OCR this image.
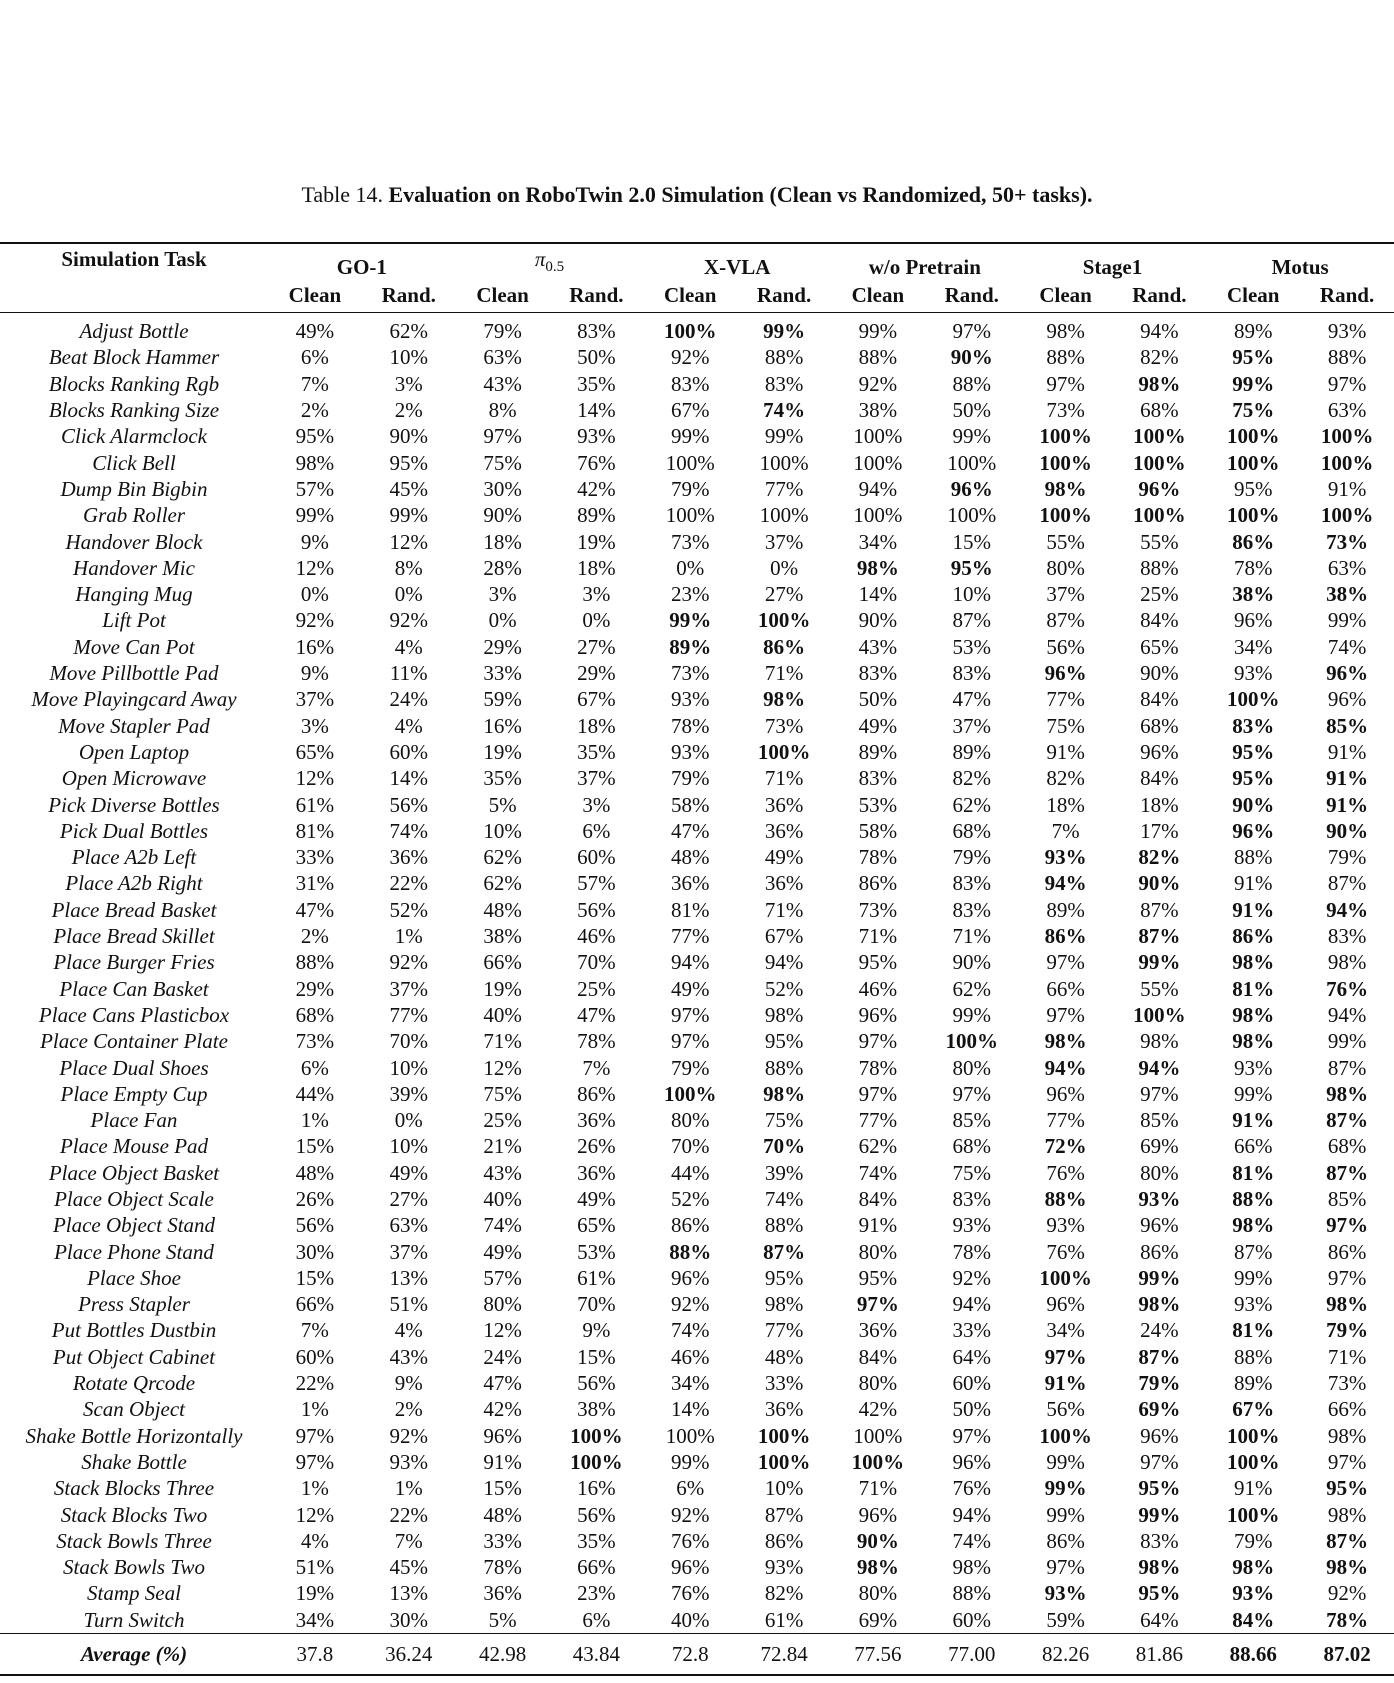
Table 14. Evaluation on RoboTwin 2.0 Simulation (Clean vs Randomized, 50+ tasks).
Simulation Task	GO-1		$\pi_{0.5}$		X-VLA		w/o Pretrain		Stage1		Motus	
	Clean	Rand.	Clean	Rand.	Clean	Rand.	Clean	Rand.	Clean	Rand.	Clean	Rand.
Adjust Bottle	49%	62%	79%	83%	100%	99%	99%	97%	98%	94%	89%	93%
Beat Block Hammer	6%	10%	63%	50%	92%	88%	88%	90%	88%	82%	95%	88%
Blocks Ranking Rgb	7%	3%	43%	35%	83%	83%	92%	88%	97%	98%	99%	97%
Blocks Ranking Size	2%	2%	8%	14%	67%	74%	38%	50%	73%	68%	75%	63%
Click Alarmclock	95%	90%	97%	93%	99%	99%	100%	99%	100%	100%	100%	100%
Click Bell	98%	95%	75%	76%	100%	100%	100%	100%	100%	100%	100%	100%
Dump Bin Bigbin	57%	45%	30%	42%	79%	77%	94%	96%	98%	96%	95%	91%
Grab Roller	99%	99%	90%	89%	100%	100%	100%	100%	100%	100%	100%	100%
Handover Block	9%	12%	18%	19%	73%	37%	34%	15%	55%	55%	86%	73%
Handover Mic	12%	8%	28%	18%	0%	0%	98%	95%	80%	88%	78%	63%
Hanging Mug	0%	0%	3%	3%	23%	27%	14%	10%	37%	25%	38%	38%
Lift Pot	92%	92%	0%	0%	99%	100%	90%	87%	87%	84%	96%	99%
Move Can Pot	16%	4%	29%	27%	89%	86%	43%	53%	56%	65%	34%	74%
Move Pillbottle Pad	9%	11%	33%	29%	73%	71%	83%	83%	96%	90%	93%	96%
Move Playingcard Away	37%	24%	59%	67%	93%	98%	50%	47%	77%	84%	100%	96%
Move Stapler Pad	3%	4%	16%	18%	78%	73%	49%	37%	75%	68%	83%	85%
Open Laptop	65%	60%	19%	35%	93%	100%	89%	89%	91%	96%	95%	91%
Open Microwave	12%	14%	35%	37%	79%	71%	83%	82%	82%	84%	95%	91%
Pick Diverse Bottles	61%	56%	5%	3%	58%	36%	53%	62%	18%	18%	90%	91%
Pick Dual Bottles	81%	74%	10%	6%	47%	36%	58%	68%	7%	17%	96%	90%
Place A2b Left	33%	36%	62%	60%	48%	49%	78%	79%	93%	82%	88%	79%
Place A2b Right	31%	22%	62%	57%	36%	36%	86%	83%	94%	90%	91%	87%
Place Bread Basket	47%	52%	48%	56%	81%	71%	73%	83%	89%	87%	91%	94%
Place Bread Skillet	2%	1%	38%	46%	77%	67%	71%	71%	86%	87%	86%	83%
Place Burger Fries	88%	92%	66%	70%	94%	94%	95%	90%	97%	99%	98%	98%
Place Can Basket	29%	37%	19%	25%	49%	52%	46%	62%	66%	55%	81%	76%
Place Cans Plasticbox	68%	77%	40%	47%	97%	98%	96%	99%	97%	100%	98%	94%
Place Container Plate	73%	70%	71%	78%	97%	95%	97%	100%	98%	98%	98%	99%
Place Dual Shoes	6%	10%	12%	7%	79%	88%	78%	80%	94%	94%	93%	87%
Place Empty Cup	44%	39%	75%	86%	100%	98%	97%	97%	96%	97%	99%	98%
Place Fan	1%	0%	25%	36%	80%	75%	77%	85%	77%	85%	91%	87%
Place Mouse Pad	15%	10%	21%	26%	70%	70%	62%	68%	72%	69%	66%	68%
Place Object Basket	48%	49%	43%	36%	44%	39%	74%	75%	76%	80%	81%	87%
Place Object Scale	26%	27%	40%	49%	52%	74%	84%	83%	88%	93%	88%	85%
Place Object Stand	56%	63%	74%	65%	86%	88%	91%	93%	93%	96%	98%	97%
Place Phone Stand	30%	37%	49%	53%	88%	87%	80%	78%	76%	86%	87%	86%
Place Shoe	15%	13%	57%	61%	96%	95%	95%	92%	100%	99%	99%	97%
Press Stapler	66%	51%	80%	70%	92%	98%	97%	94%	96%	98%	93%	98%
Put Bottles Dustbin	7%	4%	12%	9%	74%	77%	36%	33%	34%	24%	81%	79%
Put Object Cabinet	60%	43%	24%	15%	46%	48%	84%	64%	97%	87%	88%	71%
Rotate Qrcode	22%	9%	47%	56%	34%	33%	80%	60%	91%	79%	89%	73%
Scan Object	1%	2%	42%	38%	14%	36%	42%	50%	56%	69%	67%	66%
Shake Bottle Horizontally	97%	92%	96%	100%	100%	100%	100%	97%	100%	96%	100%	98%
Shake Bottle	97%	93%	91%	100%	99%	100%	100%	96%	99%	97%	100%	97%
Stack Blocks Three	1%	1%	15%	16%	6%	10%	71%	76%	99%	95%	91%	95%
Stack Blocks Two	12%	22%	48%	56%	92%	87%	96%	94%	99%	99%	100%	98%
Stack Bowls Three	4%	7%	33%	35%	76%	86%	90%	74%	86%	83%	79%	87%
Stack Bowls Two	51%	45%	78%	66%	96%	93%	98%	98%	97%	98%	98%	98%
Stamp Seal	19%	13%	36%	23%	76%	82%	80%	88%	93%	95%	93%	92%
Turn Switch	34%	30%	5%	6%	40%	61%	69%	60%	59%	64%	84%	78%
Average (%)	37.8	36.24	42.98	43.84	72.8	72.84	77.56	77.00	82.26	81.86	88.66	87.02
